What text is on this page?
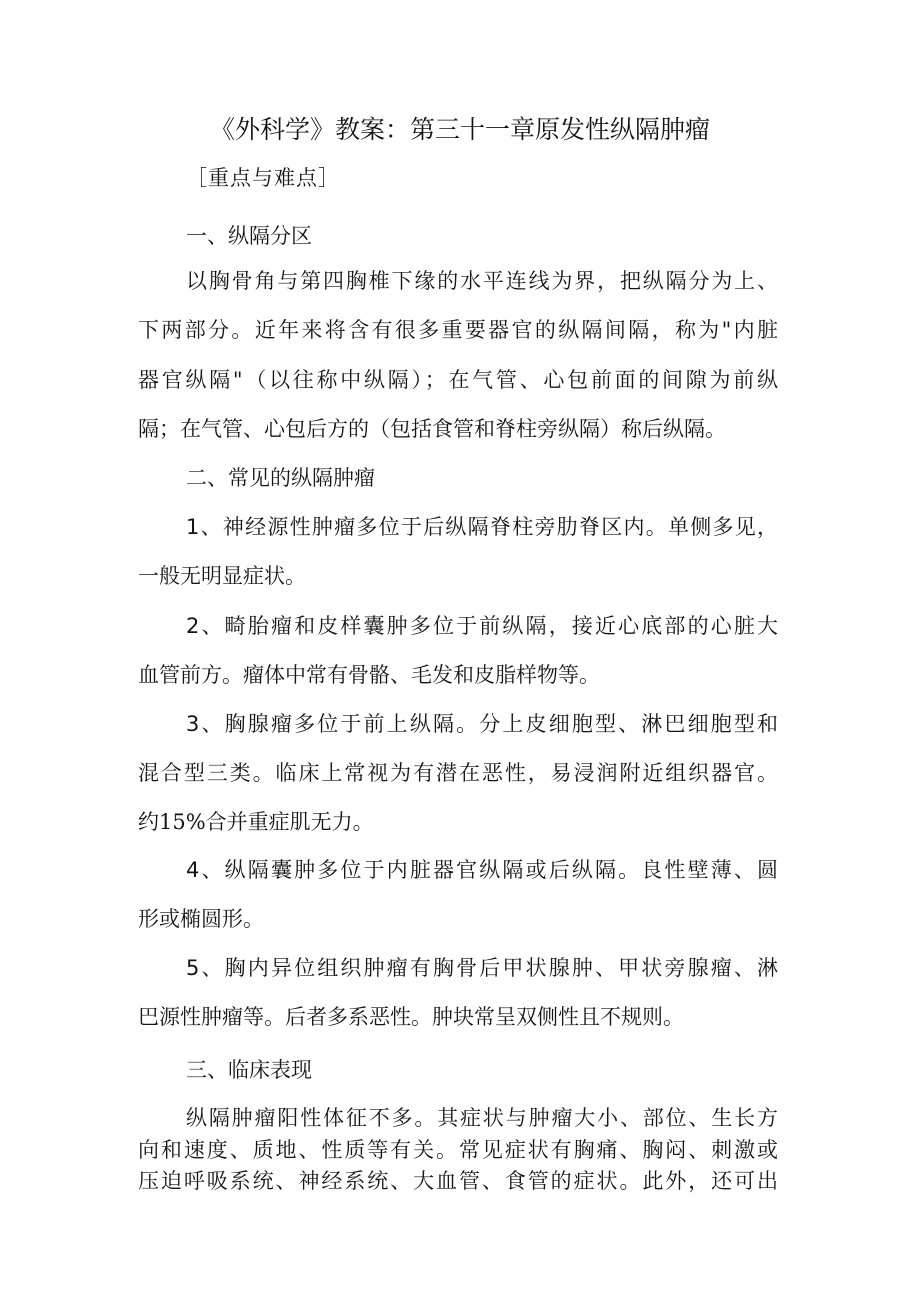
《外科学》教案：第三十一章原发性纵隔肿瘤
［重点与难点］
一、纵隔分区
以胸骨角与第四胸椎下缘的水平连线为界，把纵隔分为上、
下两部分。近年来将含有很多重要器官的纵隔间隔，称为"内脏
器官纵隔"（以往称中纵隔）；在气管、心包前面的间隙为前纵
隔；在气管、心包后方的（包括食管和脊柱旁纵隔）称后纵隔。
二、常见的纵隔肿瘤
1、神经源性肿瘤多位于后纵隔脊柱旁肋脊区内。单侧多见，
一般无明显症状。
2、畸胎瘤和皮样囊肿多位于前纵隔，接近心底部的心脏大
血管前方。瘤体中常有骨骼、毛发和皮脂样物等。
3、胸腺瘤多位于前上纵隔。分上皮细胞型、淋巴细胞型和
混合型三类。临床上常视为有潜在恶性，易浸润附近组织器官。
约15%合并重症肌无力。
4、纵隔囊肿多位于内脏器官纵隔或后纵隔。良性壁薄、圆
形或椭圆形。
5、胸内异位组织肿瘤有胸骨后甲状腺肿、甲状旁腺瘤、淋
巴源性肿瘤等。后者多系恶性。肿块常呈双侧性且不规则。
三、临床表现
纵隔肿瘤阳性体征不多。其症状与肿瘤大小、部位、生长方
向和速度、质地、性质等有关。常见症状有胸痛、胸闷、刺激或
压迫呼吸系统、神经系统、大血管、食管的症状。此外，还可出
